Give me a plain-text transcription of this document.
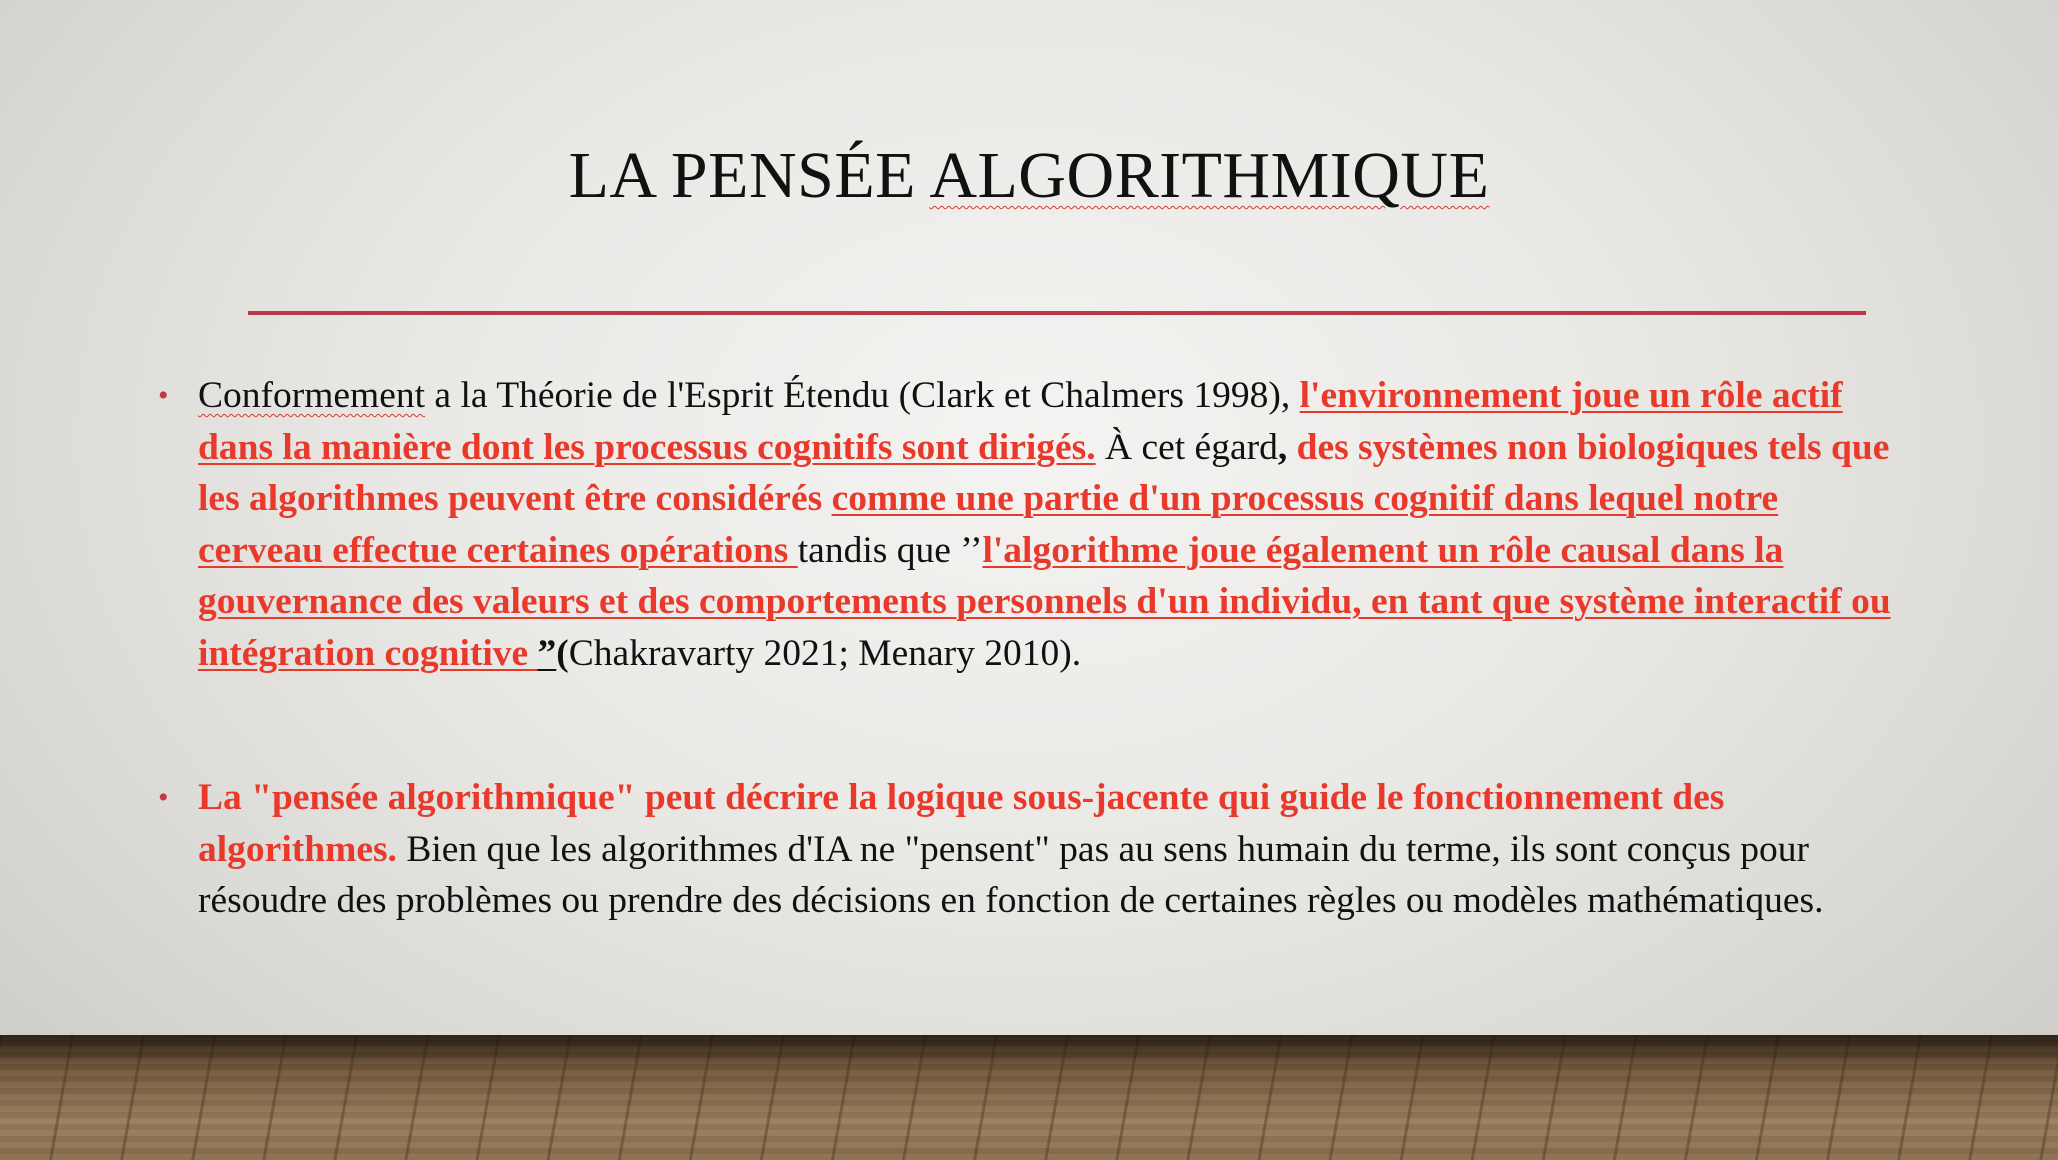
LA PENSÉE ALGORITHMIQUE

• Conformement a la Théorie de l'Esprit Étendu (Clark et Chalmers 1998), l'environnement joue un rôle actif dans la manière dont les processus cognitifs sont dirigés. À cet égard, des systèmes non biologiques tels que les algorithmes peuvent être considérés comme une partie d'un processus cognitif dans lequel notre cerveau effectue certaines opérations tandis que ’’l'algorithme joue également un rôle causal dans la gouvernance des valeurs et des comportements personnels d'un individu, en tant que système interactif ou intégration cognitive ”(Chakravarty 2021; Menary 2010).

• La "pensée algorithmique" peut décrire la logique sous-jacente qui guide le fonctionnement des algorithmes. Bien que les algorithmes d'IA ne "pensent" pas au sens humain du terme, ils sont conçus pour résoudre des problèmes ou prendre des décisions en fonction de certaines règles ou modèles mathématiques.
